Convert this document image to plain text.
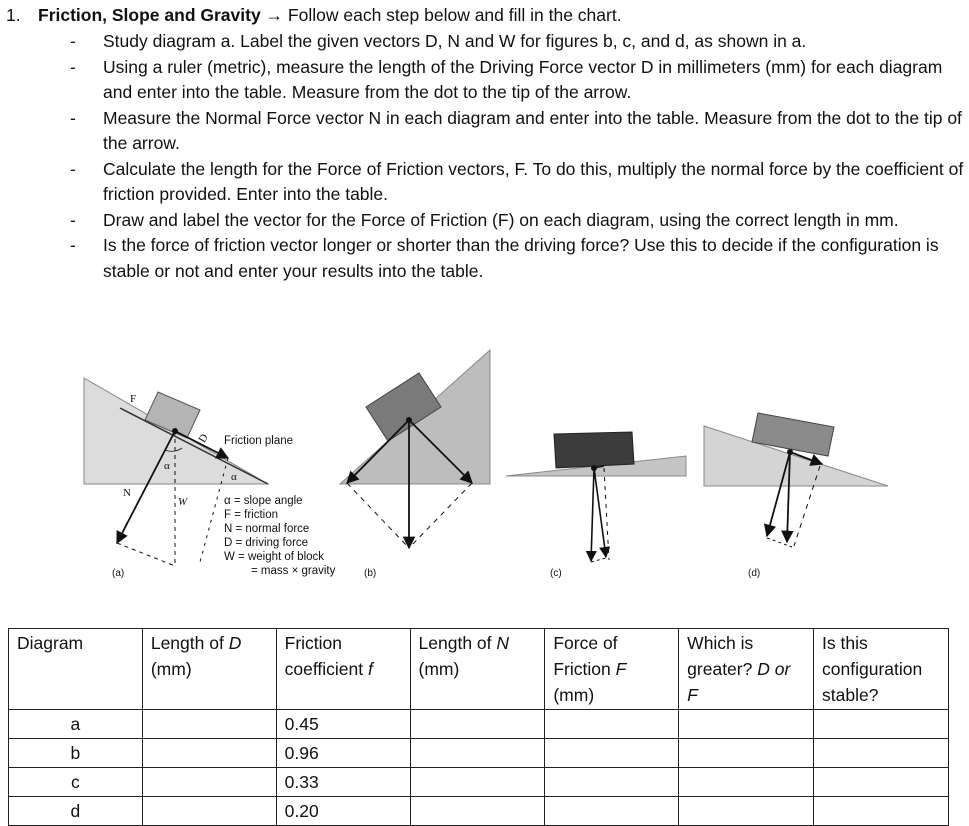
1. Friction, Slope and Gravity → Follow each step below and fill in the chart.
- Study diagram a. Label the given vectors D, N and W for figures b, c, and d, as shown in a.
- Using a ruler (metric), measure the length of the Driving Force vector D in millimeters (mm) for each diagram and enter into the table. Measure from the dot to the tip of the arrow.
- Measure the Normal Force vector N in each diagram and enter into the table. Measure from the dot to the tip of the arrow.
- Calculate the length for the Force of Friction vectors, F. To do this, multiply the normal force by the coefficient of friction provided. Enter into the table.
- Draw and label the vector for the Force of Friction (F) on each diagram, using the correct length in mm.
- Is the force of friction vector longer or shorter than the driving force? Use this to decide if the configuration is stable or not and enter your results into the table.
F
D
N
W
α
α
Friction plane
(a)
α = slope angle
F = friction
N = normal force
D = driving force
W = weight of block
= mass × gravity	(b)	(c)	(d)
Diagram	Length of D (mm)	Friction coefficient f	Length of N (mm)	Force of Friction F (mm)	Which is greater? D or F	Is this configuration stable?
a		0.45				
b		0.96				
c		0.33				
d		0.20				
